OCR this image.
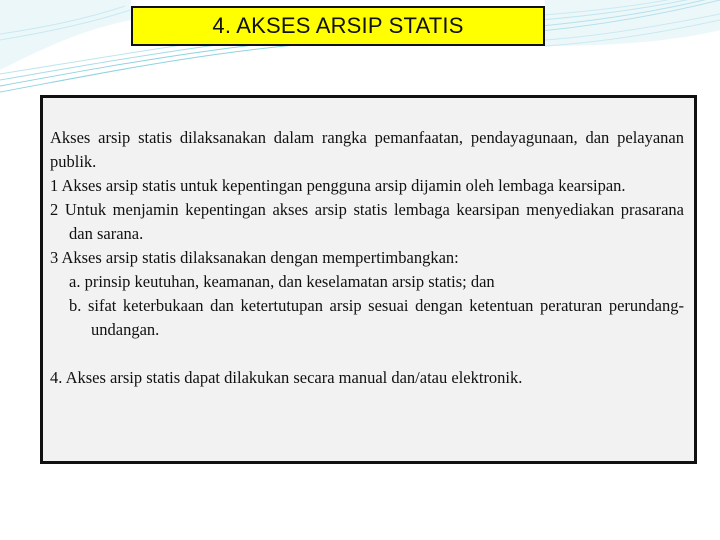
4. AKSES ARSIP STATIS

Akses arsip statis dilaksanakan dalam rangka pemanfaatan, pendayagunaan, dan pelayanan publik.

1 Akses arsip statis untuk kepentingan pengguna arsip dijamin oleh lembaga kearsipan.

2 Untuk menjamin kepentingan akses arsip statis lembaga kearsipan menyediakan prasarana dan sarana.

3 Akses arsip statis dilaksanakan dengan mempertimbangkan:

a. prinsip keutuhan, keamanan, dan keselamatan arsip statis; dan

b. sifat keterbukaan dan ketertutupan arsip sesuai dengan ketentuan peraturan perundang-undangan.

4. Akses arsip statis dapat dilakukan secara manual dan/atau elektronik.
